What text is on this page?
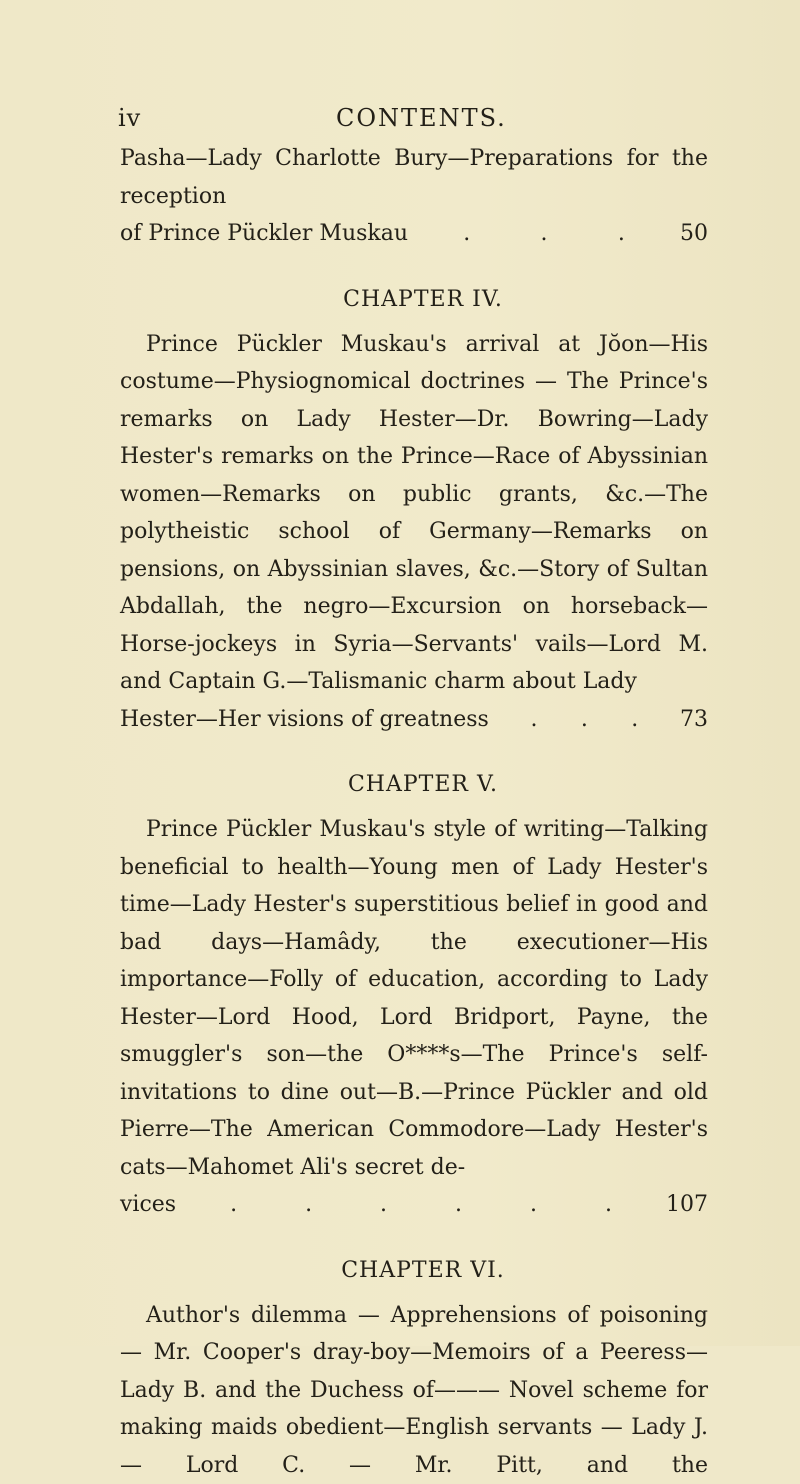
iv	CONTENTS.

Pasha—Lady Charlotte Bury—Preparations for the reception

of Prince Pückler Muskau	.	.	.	50
CHAPTER IV.

Prince Pückler Muskau's arrival at Jŏon—His costume—Physiognomical doctrines — The Prince's remarks on Lady Hester—Dr. Bowring—Lady Hester's remarks on the Prince—Race of Abyssinian women—Remarks on public grants, &c.—The polytheistic school of Germany—Remarks on pensions, on Abyssinian slaves, &c.—Story of Sultan Abdallah, the negro—Excursion on horseback—Horse-jockeys in Syria—Servants' vails—Lord M. and Captain G.—Talismanic charm about Lady

Hester—Her visions of greatness . . . 73
CHAPTER V.

Prince Pückler Muskau's style of writing—Talking beneficial to health—Young men of Lady Hester's time—Lady Hester's superstitious belief in good and bad days—Hamâdy, the executioner—His importance—Folly of education, according to Lady Hester—Lord Hood, Lord Bridport, Payne, the smuggler's son—the O****s—The Prince's self-invitations to dine out—B.—Prince Pückler and old Pierre—The American Commodore—Lady Hester's cats—Mahomet Ali's secret de-

vices .	.	.	.	.	. 107
CHAPTER VI.

Author's dilemma — Apprehensions of poisoning — Mr. Cooper's dray-boy—Memoirs of a Peeress—Lady B. and the Duchess of——— Novel scheme for making maids obedient—English servants — Lady J. — Lord C. — Mr. Pitt, and the
